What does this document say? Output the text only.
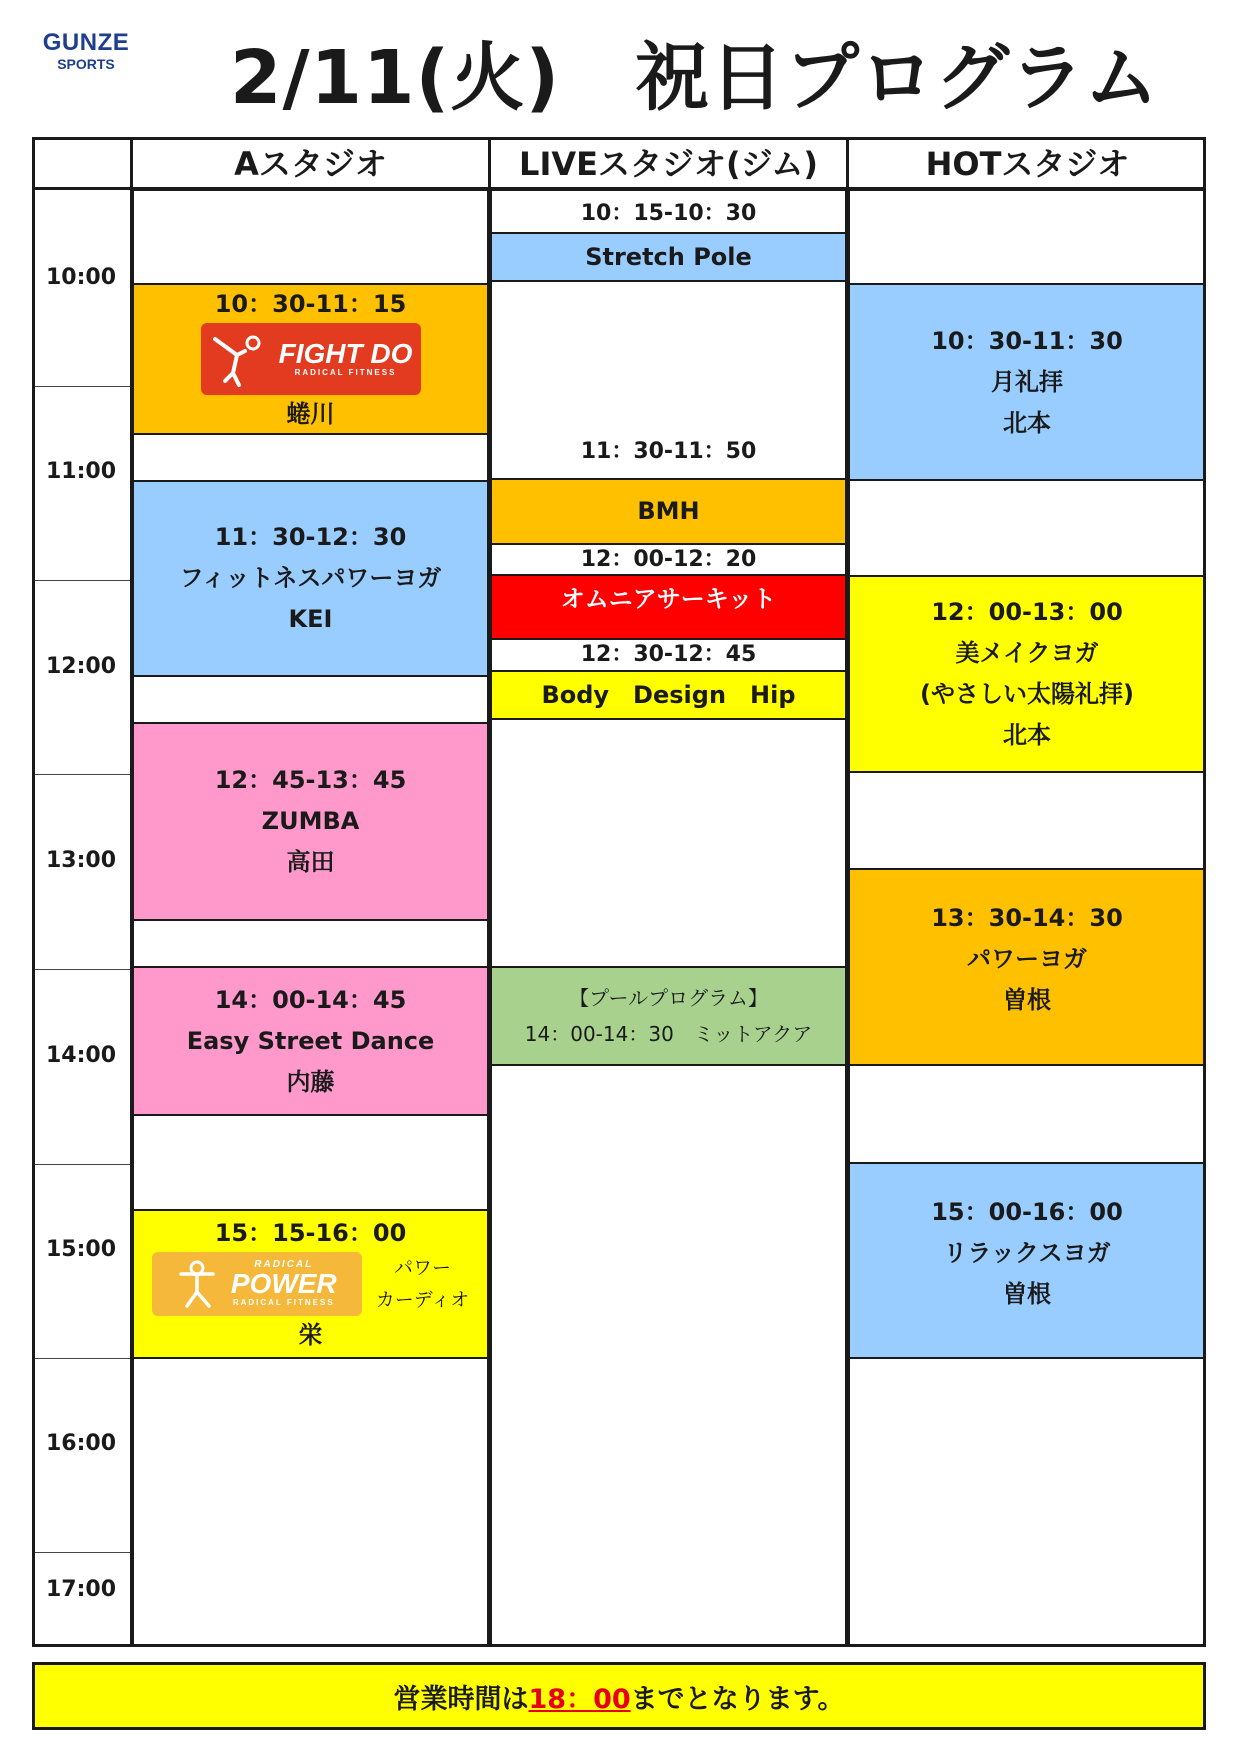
GUNZE
SPORTS 2/11(火)　祝日プログラム
Aスタジオ	LIVEスタジオ(ジム)	HOTスタジオ
10:00
11:00
12:00
13:00
14:00
15:00
16:00
17:00
10：30-11：15
FIGHT DO
RADICAL FITNESS
蜷川
11：30-12：30
フィットネスパワーヨガ
KEI
12：45-13：45
ZUMBA
高田
14：00-14：45
Easy Street Dance
内藤
15：15-16：00
RADICAL
POWER
RADICAL FITNESS
パワー
カーディオ
栄
10：15-10：30
Stretch Pole
11：30-11：50
BMH
12：00-12：20
オムニアサーキット
12：30-12：45
Body　Design　Hip
【プールプログラム】
14：00-14：30　ミットアクア
10：30-11：30
月礼拝
北本
12：00-13：00
美メイクヨガ
(やさしい太陽礼拝)
北本
13：30-14：30
パワーヨガ
曽根
15：00-16：00
リラックスヨガ
曽根
営業時間は 18：00 までとなります。
